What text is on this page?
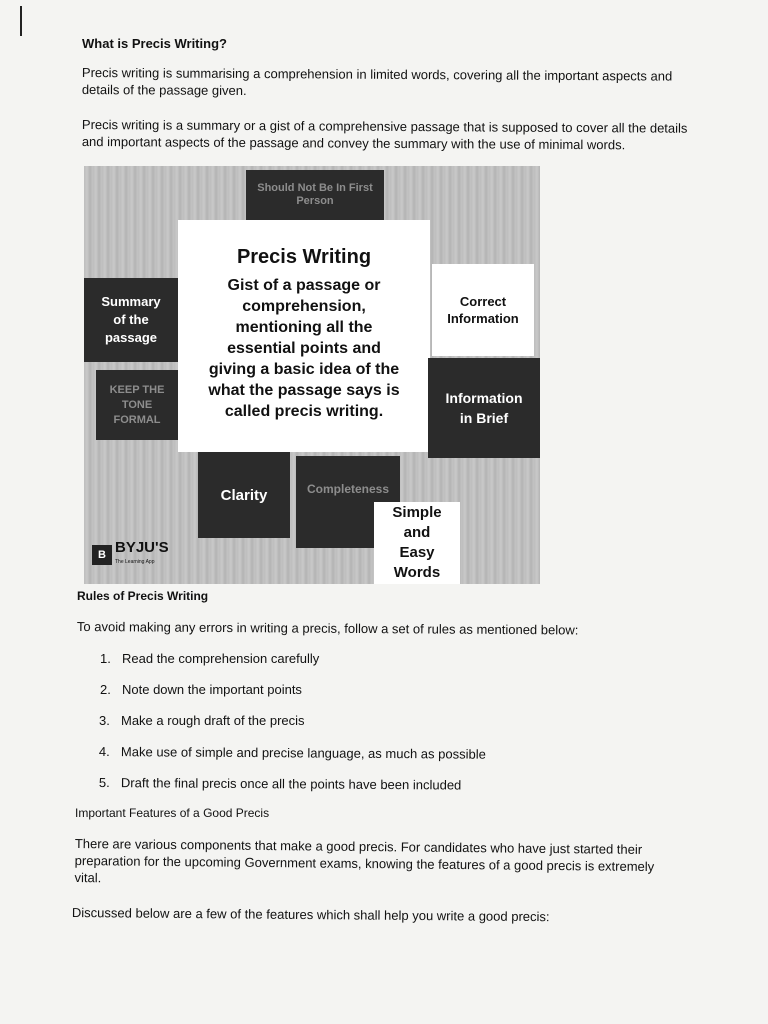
What is Precis Writing?
Precis writing is summarising a comprehension in limited words, covering all the important aspects and
details of the passage given.
Precis writing is a summary or a gist of a comprehensive passage that is supposed to cover all the details
and important aspects of the passage and convey the summary with the use of minimal words.
Should Not Be In First
Person
Summary
of the
passage
KEEP THE
TONE
FORMAL
Precis Writing
Gist of a passage or
comprehension,
mentioning all the
essential points and
giving a basic idea of the
what the passage says is
called precis writing.
Correct
Information
Information
in Brief
Clarity	Completeness
Simple
and
Easy
Words
B BYJU'S
The Learning App
Rules of Precis Writing
To avoid making any errors in writing a precis, follow a set of rules as mentioned below:
1. Read the comprehension carefully
2. Note down the important points
3. Make a rough draft of the precis
4. Make use of simple and precise language, as much as possible
5. Draft the final precis once all the points have been included
Important Features of a Good Precis
There are various components that make a good precis. For candidates who have just started their
preparation for the upcoming Government exams, knowing the features of a good precis is extremely
vital.
Discussed below are a few of the features which shall help you write a good precis:
